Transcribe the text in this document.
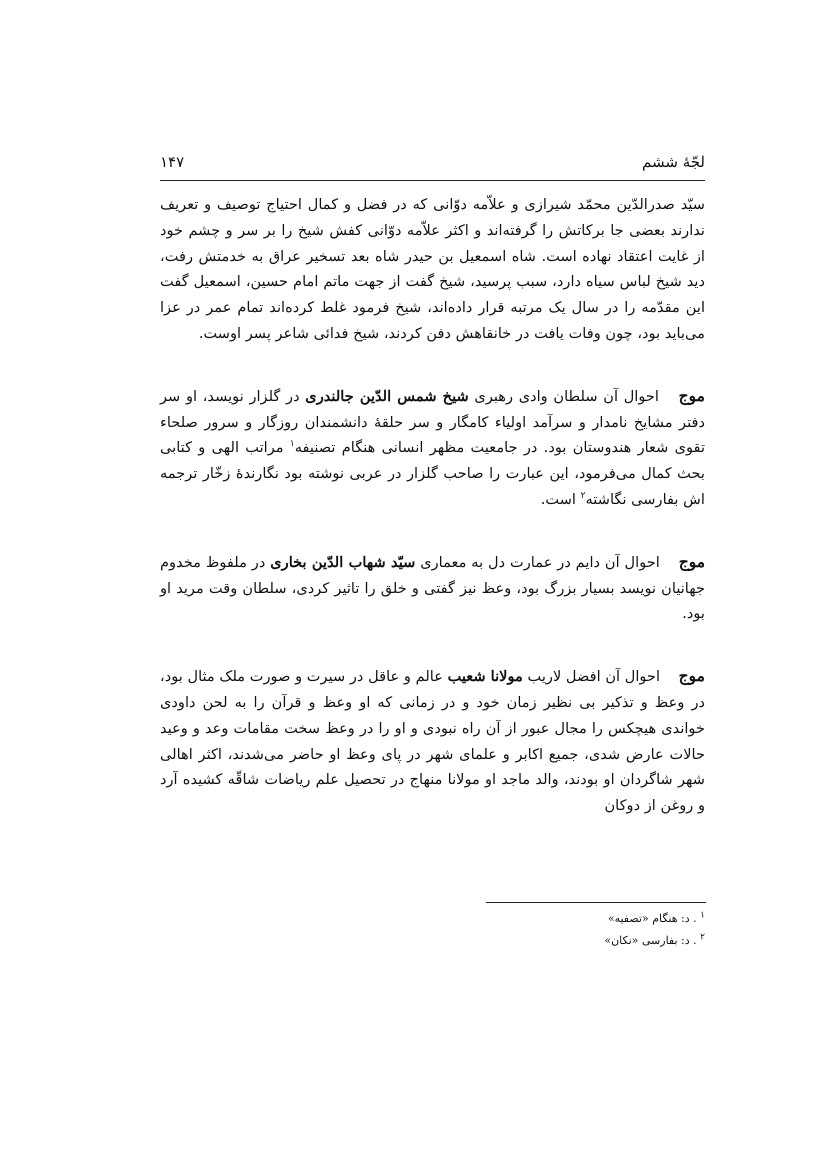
لجّهٔ ششم
۱۴۷

سیّد صدرالدّین محمّد شیرازی و علاّمه دوّانی که در فضل و کمال احتیاج توصیف و تعریف ندارند بعضی جا برکاتش را گرفته‌اند و اکثر علاّمه دوّانی کفش شیخ را بر سر و چشم خود از غایت اعتقاد نهاده است. شاه اسمعیل بن حیدر شاه بعد تسخیر عراق به خدمتش رفت، دید شیخ لباس سیاه دارد، سبب پرسید، شیخ گفت از جهت ماتم امام حسین، اسمعیل گفت این مقدّمه را در سال یک مرتبه قرار داده‌اند، شیخ فرمود غلط کرده‌اند تمام عمر در عزا می‌باید بود، چون وفات یافت در خانقاهش دفن کردند، شیخ فدائی شاعر پسر اوست.

موج احوال آن سلطان وادی رهبری شیخ شمس الدّین جالندری در گلزار نویسد، او سر دفتر مشایخ نامدار و سرآمد اولیاء کامگار و سر حلقهٔ دانشمندان روزگار و سرور صلحاء تقوی شعار هندوستان بود. در جامعیت مظهر انسانی هنگام تصنیفه$^۱$ مراتب الهی و کتابی بحث کمال می‌فرمود، این عبارت را صاحب گلزار در عربی نوشته بود نگارندهٔ زخّار ترجمه اش بفارسی نگاشته$^۲$ است.

موج احوال آن دایم در عمارت دل به معماری سیّد شهاب الدّین بخاری در ملفوظ مخدوم جهانیان نویسد بسیار بزرگ بود، وعظ نیز گفتی و خلق را تاثیر کردی، سلطان وقت مرید او بود.

موج احوال آن افضل لاریب مولانا شعیب عالم و عاقل در سیرت و صورت ملک مثال بود، در وعظ و تذکیر بی نظیر زمان خود و در زمانی که او وعظ و قرآن را به لحن داودی خواندی هیچکس را مجال عبور از آن راه نبودی و او را در وعظ سخت مقامات وعد و وعید حالات عارض شدی، جمیع اکابر و علمای شهر در پای وعظ او حاضر می‌شدند، اکثر اهالی شهر شاگردان او بودند، والد ماجد او مولانا منهاج در تحصیل علم ریاضات شاقّه کشیده آرد و روغن از دوکان

$^۱$ . د: هنگام «تصفیه»
$^۲$ . د: بفارسی «نکان»
